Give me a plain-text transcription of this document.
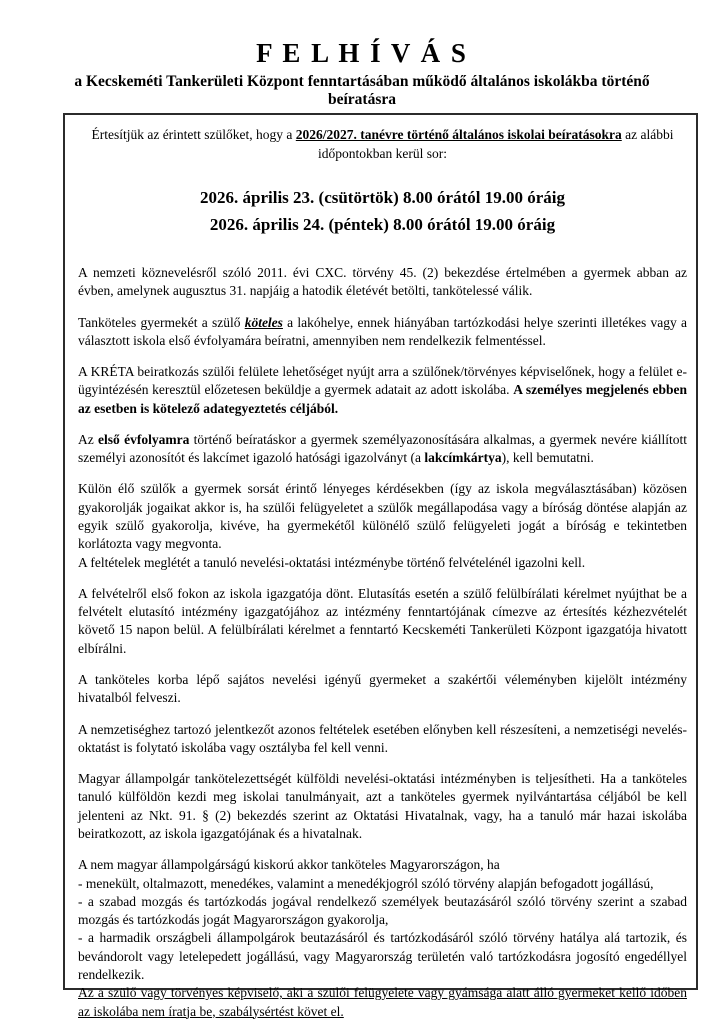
F E L H Í V Á S
a Kecskeméti Tankerületi Központ fenntartásában működő általános iskolákba történő beíratásra
Értesítjük az érintett szülőket, hogy a 2026/2027. tanévre történő általános iskolai beíratásokra az alábbi időpontokban kerül sor:
2026. április 23. (csütörtök) 8.00 órától 19.00 óráig
2026. április 24. (péntek) 8.00 órától 19.00 óráig

A nemzeti köznevelésről szóló 2011. évi CXC. törvény 45. (2) bekezdése értelmében a gyermek abban az évben, amelynek augusztus 31. napjáig a hatodik életévét betölti, tankötelessé válik.

Tanköteles gyermekét a szülő köteles a lakóhelye, ennek hiányában tartózkodási helye szerinti illetékes vagy a választott iskola első évfolyamára beíratni, amennyiben nem rendelkezik felmentéssel.

A KRÉTA beiratkozás szülői felülete lehetőséget nyújt arra a szülőnek/törvényes képviselőnek, hogy a felület e-ügyintézésén keresztül előzetesen beküldje a gyermek adatait az adott iskolába. A személyes megjelenés ebben az esetben is kötelező adategyeztetés céljából.

Az első évfolyamra történő beíratáskor a gyermek személyazonosítására alkalmas, a gyermek nevére kiállított személyi azonosítót és lakcímet igazoló hatósági igazolványt (a lakcímkártya), kell bemutatni.

Külön élő szülők a gyermek sorsát érintő lényeges kérdésekben (így az iskola megválasztásában) közösen gyakorolják jogaikat akkor is, ha szülői felügyeletet a szülők megállapodása vagy a bíróság döntése alapján az egyik szülő gyakorolja, kivéve, ha gyermekétől különélő szülő felügyeleti jogát a bíróság e tekintetben korlátozta vagy megvonta.
A feltételek meglétét a tanuló nevelési-oktatási intézménybe történő felvételénél igazolni kell.

A felvételről első fokon az iskola igazgatója dönt. Elutasítás esetén a szülő felülbírálati kérelmet nyújthat be a felvételt elutasító intézmény igazgatójához az intézmény fenntartójának címezve az értesítés kézhezvételét követő 15 napon belül. A felülbírálati kérelmet a fenntartó Kecskeméti Tankerületi Központ igazgatója hivatott elbírálni.

A tanköteles korba lépő sajátos nevelési igényű gyermeket a szakértői véleményben kijelölt intézmény hivatalból felveszi.

A nemzetiséghez tartozó jelentkezőt azonos feltételek esetében előnyben kell részesíteni, a nemzetiségi nevelés-oktatást is folytató iskolába vagy osztályba fel kell venni.

Magyar állampolgár tankötelezettségét külföldi nevelési-oktatási intézményben is teljesítheti. Ha a tanköteles tanuló külföldön kezdi meg iskolai tanulmányait, azt a tanköteles gyermek nyilvántartása céljából be kell jelenteni az Nkt. 91. § (2) bekezdés szerint az Oktatási Hivatalnak, vagy, ha a tanuló már hazai iskolába beiratkozott, az iskola igazgatójának és a hivatalnak.

A nem magyar állampolgárságú kiskorú akkor tanköteles Magyarországon, ha
- menekült, oltalmazott, menedékes, valamint a menedékjogról szóló törvény alapján befogadott jogállású,
- a szabad mozgás és tartózkodás jogával rendelkező személyek beutazásáról szóló törvény szerint a szabad mozgás és tartózkodás jogát Magyarországon gyakorolja,
- a harmadik országbeli állampolgárok beutazásáról és tartózkodásáról szóló törvény hatálya alá tartozik, és bevándorolt vagy letelepedett jogállású, vagy Magyarország területén való tartózkodásra jogosító engedéllyel rendelkezik.
Az a szülő vagy törvényes képviselő, aki a szülői felügyelete vagy gyámsága alatt álló gyermeket kellő időben az iskolába nem íratja be, szabálysértést követ el.
